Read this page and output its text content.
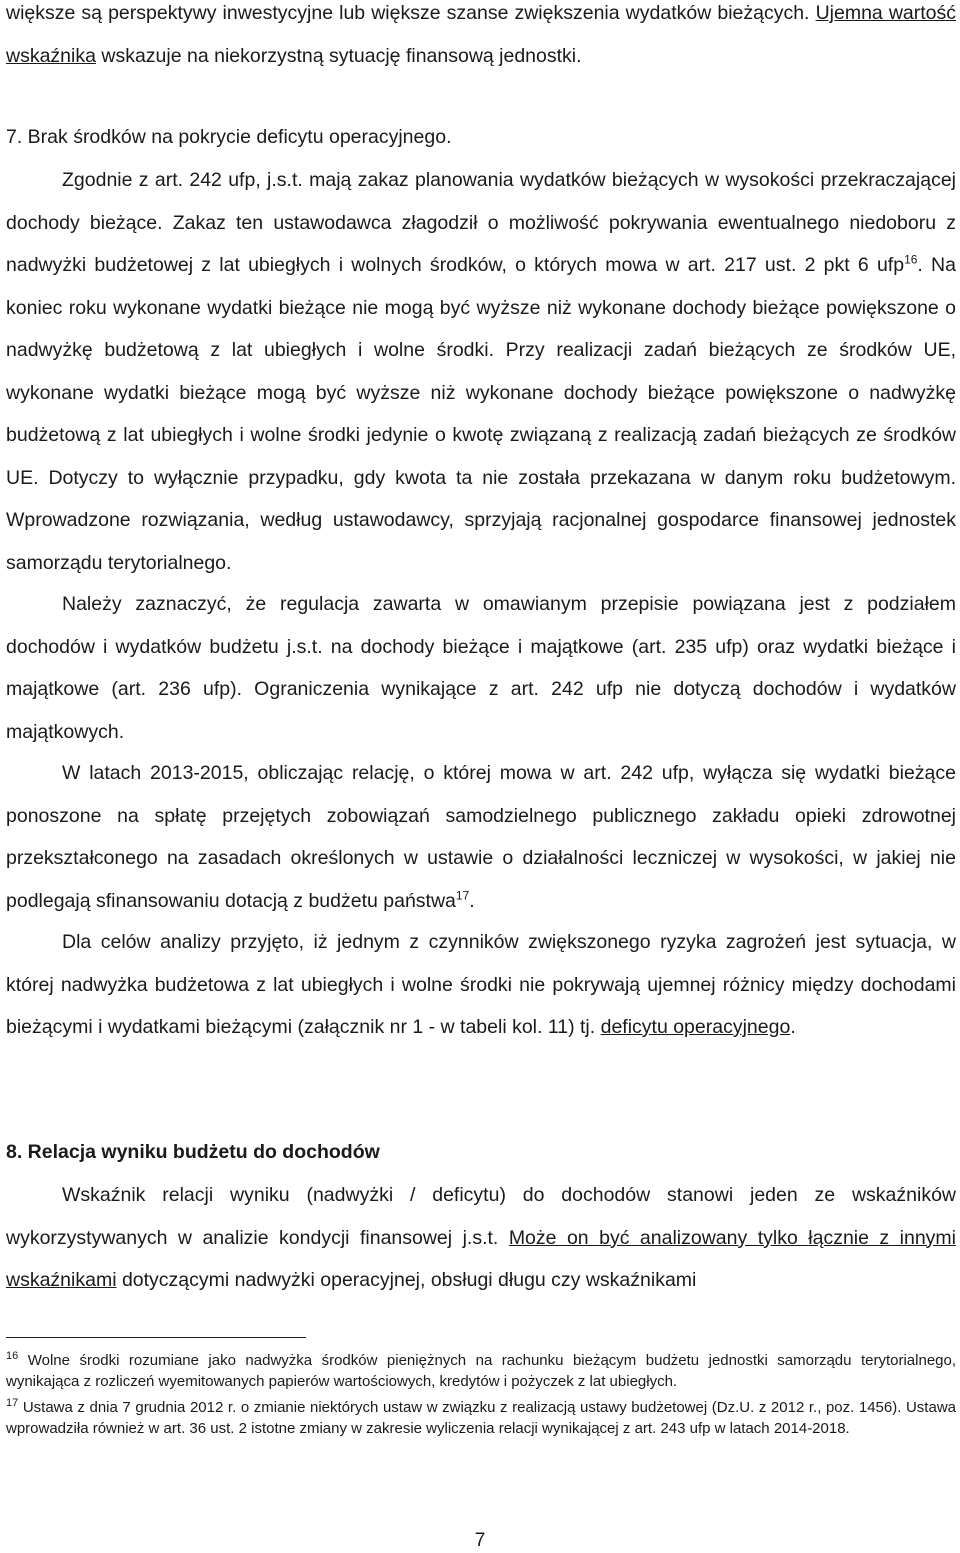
większe są perspektywy inwestycyjne lub większe szanse zwiększenia wydatków bieżących. Ujemna wartość wskaźnika wskazuje na niekorzystną sytuację finansową jednostki.
7. Brak środków na pokrycie deficytu operacyjnego.
Zgodnie z art. 242 ufp, j.s.t. mają zakaz planowania wydatków bieżących w wysokości przekraczającej dochody bieżące. Zakaz ten ustawodawca złagodził o możliwość pokrywania ewentualnego niedoboru z nadwyżki budżetowej z lat ubiegłych i wolnych środków, o których mowa w art. 217 ust. 2 pkt 6 ufp$^{16}$. Na koniec roku wykonane wydatki bieżące nie mogą być wyższe niż wykonane dochody bieżące powiększone o nadwyżkę budżetową z lat ubiegłych i wolne środki. Przy realizacji zadań bieżących ze środków UE, wykonane wydatki bieżące mogą być wyższe niż wykonane dochody bieżące powiększone o nadwyżkę budżetową z lat ubiegłych i wolne środki jedynie o kwotę związaną z realizacją zadań bieżących ze środków UE. Dotyczy to wyłącznie przypadku, gdy kwota ta nie została przekazana w danym roku budżetowym. Wprowadzone rozwiązania, według ustawodawcy, sprzyjają racjonalnej gospodarce finansowej jednostek samorządu terytorialnego.
Należy zaznaczyć, że regulacja zawarta w omawianym przepisie powiązana jest z podziałem dochodów i wydatków budżetu j.s.t. na dochody bieżące i majątkowe (art. 235 ufp) oraz wydatki bieżące i majątkowe (art. 236 ufp). Ograniczenia wynikające z art. 242 ufp nie dotyczą dochodów i wydatków majątkowych.
W latach 2013-2015, obliczając relację, o której mowa w art. 242 ufp, wyłącza się wydatki bieżące ponoszone na spłatę przejętych zobowiązań samodzielnego publicznego zakładu opieki zdrowotnej przekształconego na zasadach określonych w ustawie o działalności leczniczej w wysokości, w jakiej nie podlegają sfinansowaniu dotacją z budżetu państwa$^{17}$.
Dla celów analizy przyjęto, iż jednym z czynników zwiększonego ryzyka zagrożeń jest sytuacja, w której nadwyżka budżetowa z lat ubiegłych i wolne środki nie pokrywają ujemnej różnicy między dochodami bieżącymi i wydatkami bieżącymi (załącznik nr 1 - w tabeli kol. 11) tj. deficytu operacyjnego.
8. Relacja wyniku budżetu do dochodów
Wskaźnik relacji wyniku (nadwyżki / deficytu) do dochodów stanowi jeden ze wskaźników wykorzystywanych w analizie kondycji finansowej j.s.t. Może on być analizowany tylko łącznie z innymi wskaźnikami dotyczącymi nadwyżki operacyjnej, obsługi długu czy wskaźnikami
$^{16}$ Wolne środki rozumiane jako nadwyżka środków pieniężnych na rachunku bieżącym budżetu jednostki samorządu terytorialnego, wynikająca z rozliczeń wyemitowanych papierów wartościowych, kredytów i pożyczek z lat ubiegłych.
$^{17}$ Ustawa z dnia 7 grudnia 2012 r. o zmianie niektórych ustaw w związku z realizacją ustawy budżetowej (Dz.U. z 2012 r., poz. 1456). Ustawa wprowadziła również w art. 36 ust. 2 istotne zmiany w zakresie wyliczenia relacji wynikającej z art. 243 ufp w latach 2014-2018.
7
